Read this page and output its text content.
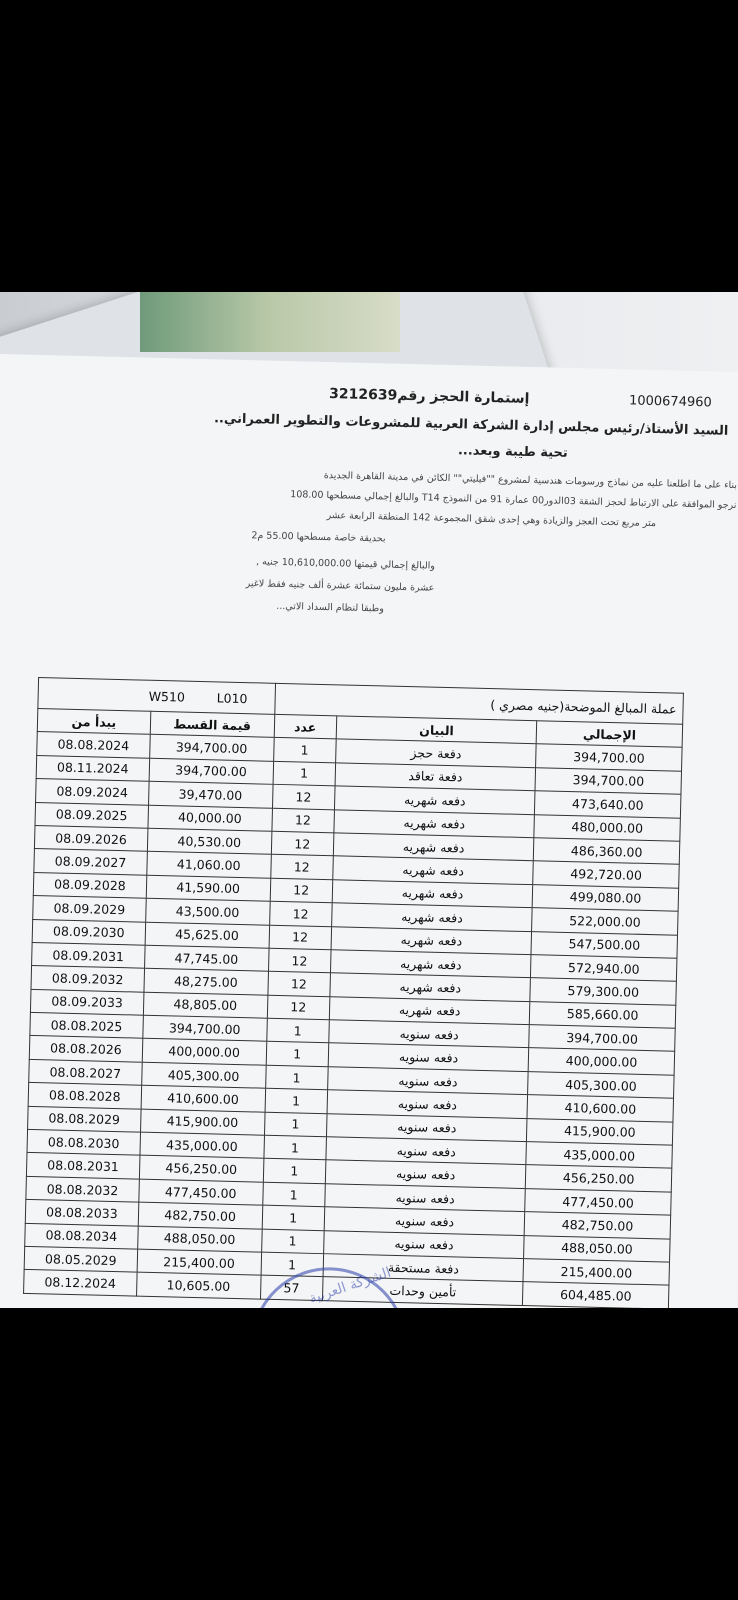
1000674960
إستمارة الحجز رقم3212639
السيد الأستاذ/رئيس مجلس إدارة الشركة العربية للمشروعات والتطوير العمراني..
تحية طيبة وبعد...
بناء على ما اطلعنا عليه من نماذج ورسومات هندسية لمشروع ""فيليتي"" الكائن في مدينة القاهرة الجديدة
نرجو الموافقة على الارتباط لحجز الشقة 03الدور00 عمارة 91 من النموذج T14 والبالغ إجمالي مسطحها 108.00
متر مربع تحت العجز والزيادة وهي إحدى شقق المجموعة 142 المنطقة الرابعة عشر
بحديقة خاصة مسطحها 55.00 م2
والبالغ إجمالي قيمتها 10,610,000.00 جنيه ,
عشرة مليون ستمائة عشرة ألف جنيه فقط لاغير
وطبقا لنظام السداد الاتي...
W510 L010		عملة المبالغ الموضحة(جنيه مصري )		
يبدأ من	قيمة القسط	عدد	البيان	الإجمالي
08.08.2024	394,700.00	1	دفعة حجز	394,700.00
08.11.2024	394,700.00	1	دفعة تعاقد	394,700.00
08.09.2024	39,470.00	12	دفعه شهريه	473,640.00
08.09.2025	40,000.00	12	دفعه شهريه	480,000.00
08.09.2026	40,530.00	12	دفعه شهريه	486,360.00
08.09.2027	41,060.00	12	دفعه شهريه	492,720.00
08.09.2028	41,590.00	12	دفعه شهريه	499,080.00
08.09.2029	43,500.00	12	دفعه شهريه	522,000.00
08.09.2030	45,625.00	12	دفعه شهريه	547,500.00
08.09.2031	47,745.00	12	دفعه شهريه	572,940.00
08.09.2032	48,275.00	12	دفعه شهريه	579,300.00
08.09.2033	48,805.00	12	دفعه شهريه	585,660.00
08.08.2025	394,700.00	1	دفعه سنويه	394,700.00
08.08.2026	400,000.00	1	دفعه سنويه	400,000.00
08.08.2027	405,300.00	1	دفعه سنويه	405,300.00
08.08.2028	410,600.00	1	دفعه سنويه	410,600.00
08.08.2029	415,900.00	1	دفعه سنويه	415,900.00
08.08.2030	435,000.00	1	دفعه سنويه	435,000.00
08.08.2031	456,250.00	1	دفعه سنويه	456,250.00
08.08.2032	477,450.00	1	دفعه سنويه	477,450.00
08.08.2033	482,750.00	1	دفعه سنويه	482,750.00
08.08.2034	488,050.00	1	دفعه سنويه	488,050.00
08.05.2029	215,400.00	1	دفعة مستحقة	215,400.00
08.12.2024	10,605.00	57	تأمين وحدات	604,485.00
الشركة العربية
